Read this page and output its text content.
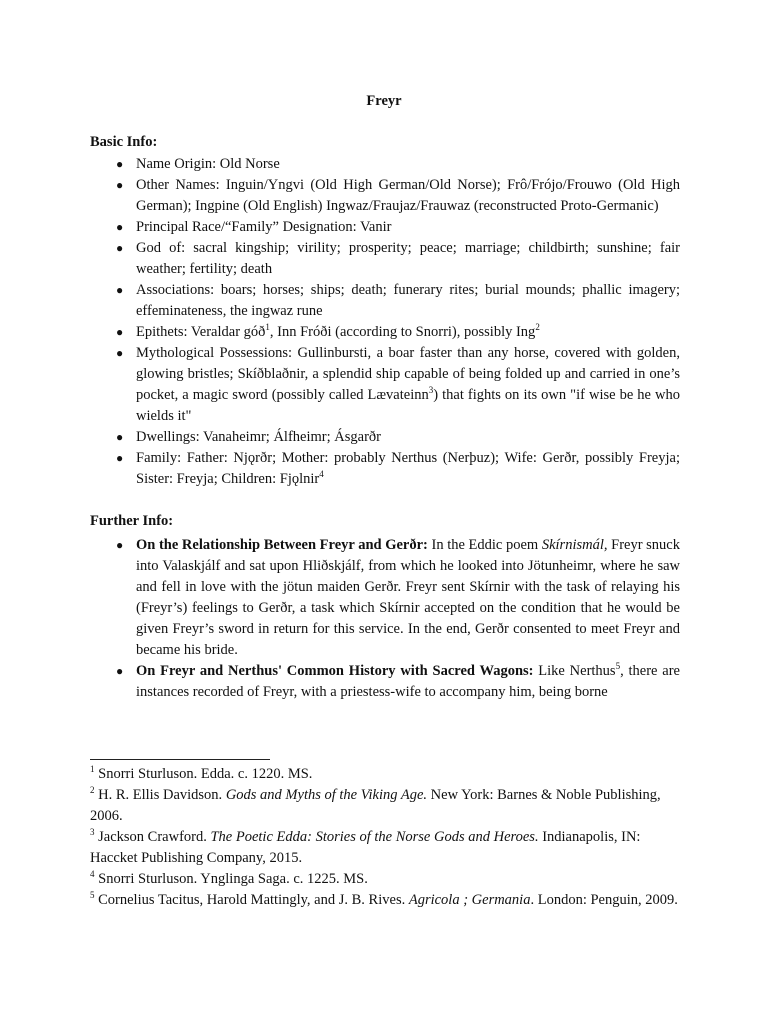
Freyr
Basic Info:
● Name Origin: Old Norse
● Other Names: Inguin/Yngvi (Old High German/Old Norse); Frô/Frójo/Frouwo (Old High German); Ingpine (Old English) Ingwaz/Fraujaz/Frauwaz (reconstructed Proto-Germanic)
● Principal Race/“Family” Designation: Vanir
● God of: sacral kingship; virility; prosperity; peace; marriage; childbirth; sunshine; fair weather; fertility; death
● Associations: boars; horses; ships; death; funerary rites; burial mounds; phallic imagery; effeminateness, the ingwaz rune
● Epithets: Veraldar góð$^1$, Inn Fróði (according to Snorri), possibly Ing$^2$
● Mythological Possessions: Gullinbursti, a boar faster than any horse, covered with golden, glowing bristles; Skíðblaðnir, a splendid ship capable of being folded up and carried in one’s pocket, a magic sword (possibly called Lævateinn$^3$) that fights on its own "if wise be he who wields it"
● Dwellings: Vanaheimr; Álfheimr; Ásgarðr
● Family: Father: Njǫrðr; Mother: probably Nerthus (Nerþuz); Wife: Gerðr, possibly Freyja; Sister: Freyja; Children: Fjǫlnir$^4$
Further Info:
● On the Relationship Between Freyr and Gerðr: In the Eddic poem Skírnismál, Freyr snuck into Valaskjálf and sat upon Hliðskjálf, from which he looked into Jötunheimr, where he saw and fell in love with the jötun maiden Gerðr. Freyr sent Skírnir with the task of relaying his (Freyr’s) feelings to Gerðr, a task which Skírnir accepted on the condition that he would be given Freyr’s sword in return for this service. In the end, Gerðr consented to meet Freyr and became his bride.
● On Freyr and Nerthus' Common History with Sacred Wagons: Like Nerthus$^5$, there are instances recorded of Freyr, with a priestess-wife to accompany him, being borne

$^1$ Snorri Sturluson. Edda. c. 1220. MS.

$^2$ H. R. Ellis Davidson. Gods and Myths of the Viking Age. New York: Barnes & Noble Publishing, 2006.

$^3$ Jackson Crawford. The Poetic Edda: Stories of the Norse Gods and Heroes. Indianapolis, IN: Haccket Publishing Company, 2015.

$^4$ Snorri Sturluson. Ynglinga Saga. c. 1225. MS.

$^5$ Cornelius Tacitus, Harold Mattingly, and J. B. Rives. Agricola ; Germania. London: Penguin, 2009.
